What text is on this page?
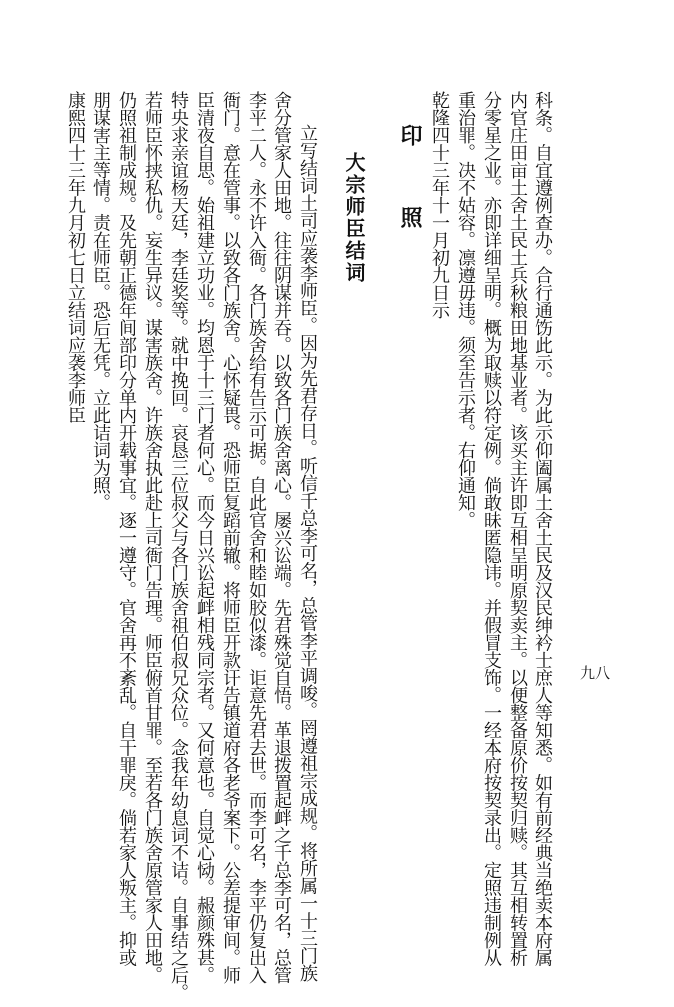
九八
科条。自宜遵例查办。合行通饬此示。为此示仰阖属土舍土民及汉民绅衿士庶人等知悉。如有前经典当绝卖本府属
内官庄田亩土舍土民土兵秋粮田地基业者。该买主许即互相呈明原契卖主。以便整备原价按契归赎。其互相转置析
分零星之业。亦即详细呈明。概为取赎以符定例。倘敢昧匿隐讳。并假冒支饰。一经本府按契录出。定照违制例从
重治罪。决不姑容。凛遵毋违。须至告示者。右仰通知。
乾隆四十三年十一月初九日示
印照
大宗师臣结词
立写结词土司应袭李师臣。因为先君存日。听信千总李可名，总管李平调唆。罔遵祖宗成规。将所属一十三门族
舍分管家人田地。往往阴谋并吞。以致各门族舍离心。屡兴讼端。先君殊觉自悟。革退拨置起衅之千总李可名，总管
李平二人。永不许入衙。各门族舍给有告示可据。自此官舍和睦如胶似漆。讵意先君去世。而李可名，李平仍复出入
衙门。意在管事。以致各门族舍。心怀疑畏。恐师臣复蹈前辙。将师臣开款讦告镇道府各老爷案下。公差提审间。师
臣清夜自思。始祖建立功业。均恩于十三门者何心。而今日兴讼起衅相残同宗者。又何意也。自觉心恸。赧颜殊甚。
特央求亲谊杨天廷，李廷奖等。就中挽回。哀恳三位叔父与各门族舍祖伯叔兄众位。念我年幼息词不诘。自事结之后。
若师臣怀挟私仇。妄生异议。谋害族舍。许族舍执此赴上司衙门告理。师臣俯首甘罪。至若各门族舍原管家人田地。
仍照祖制成规。及先朝正德年间部印分单内开载事宜。逐一遵守。官舍再不紊乱。自干罪戾。倘若家人叛主。抑或
朋谋害主等情。责在师臣。恐后无凭。立此诘词为照。
康熙四十三年九月初七日立结词应袭李师臣
